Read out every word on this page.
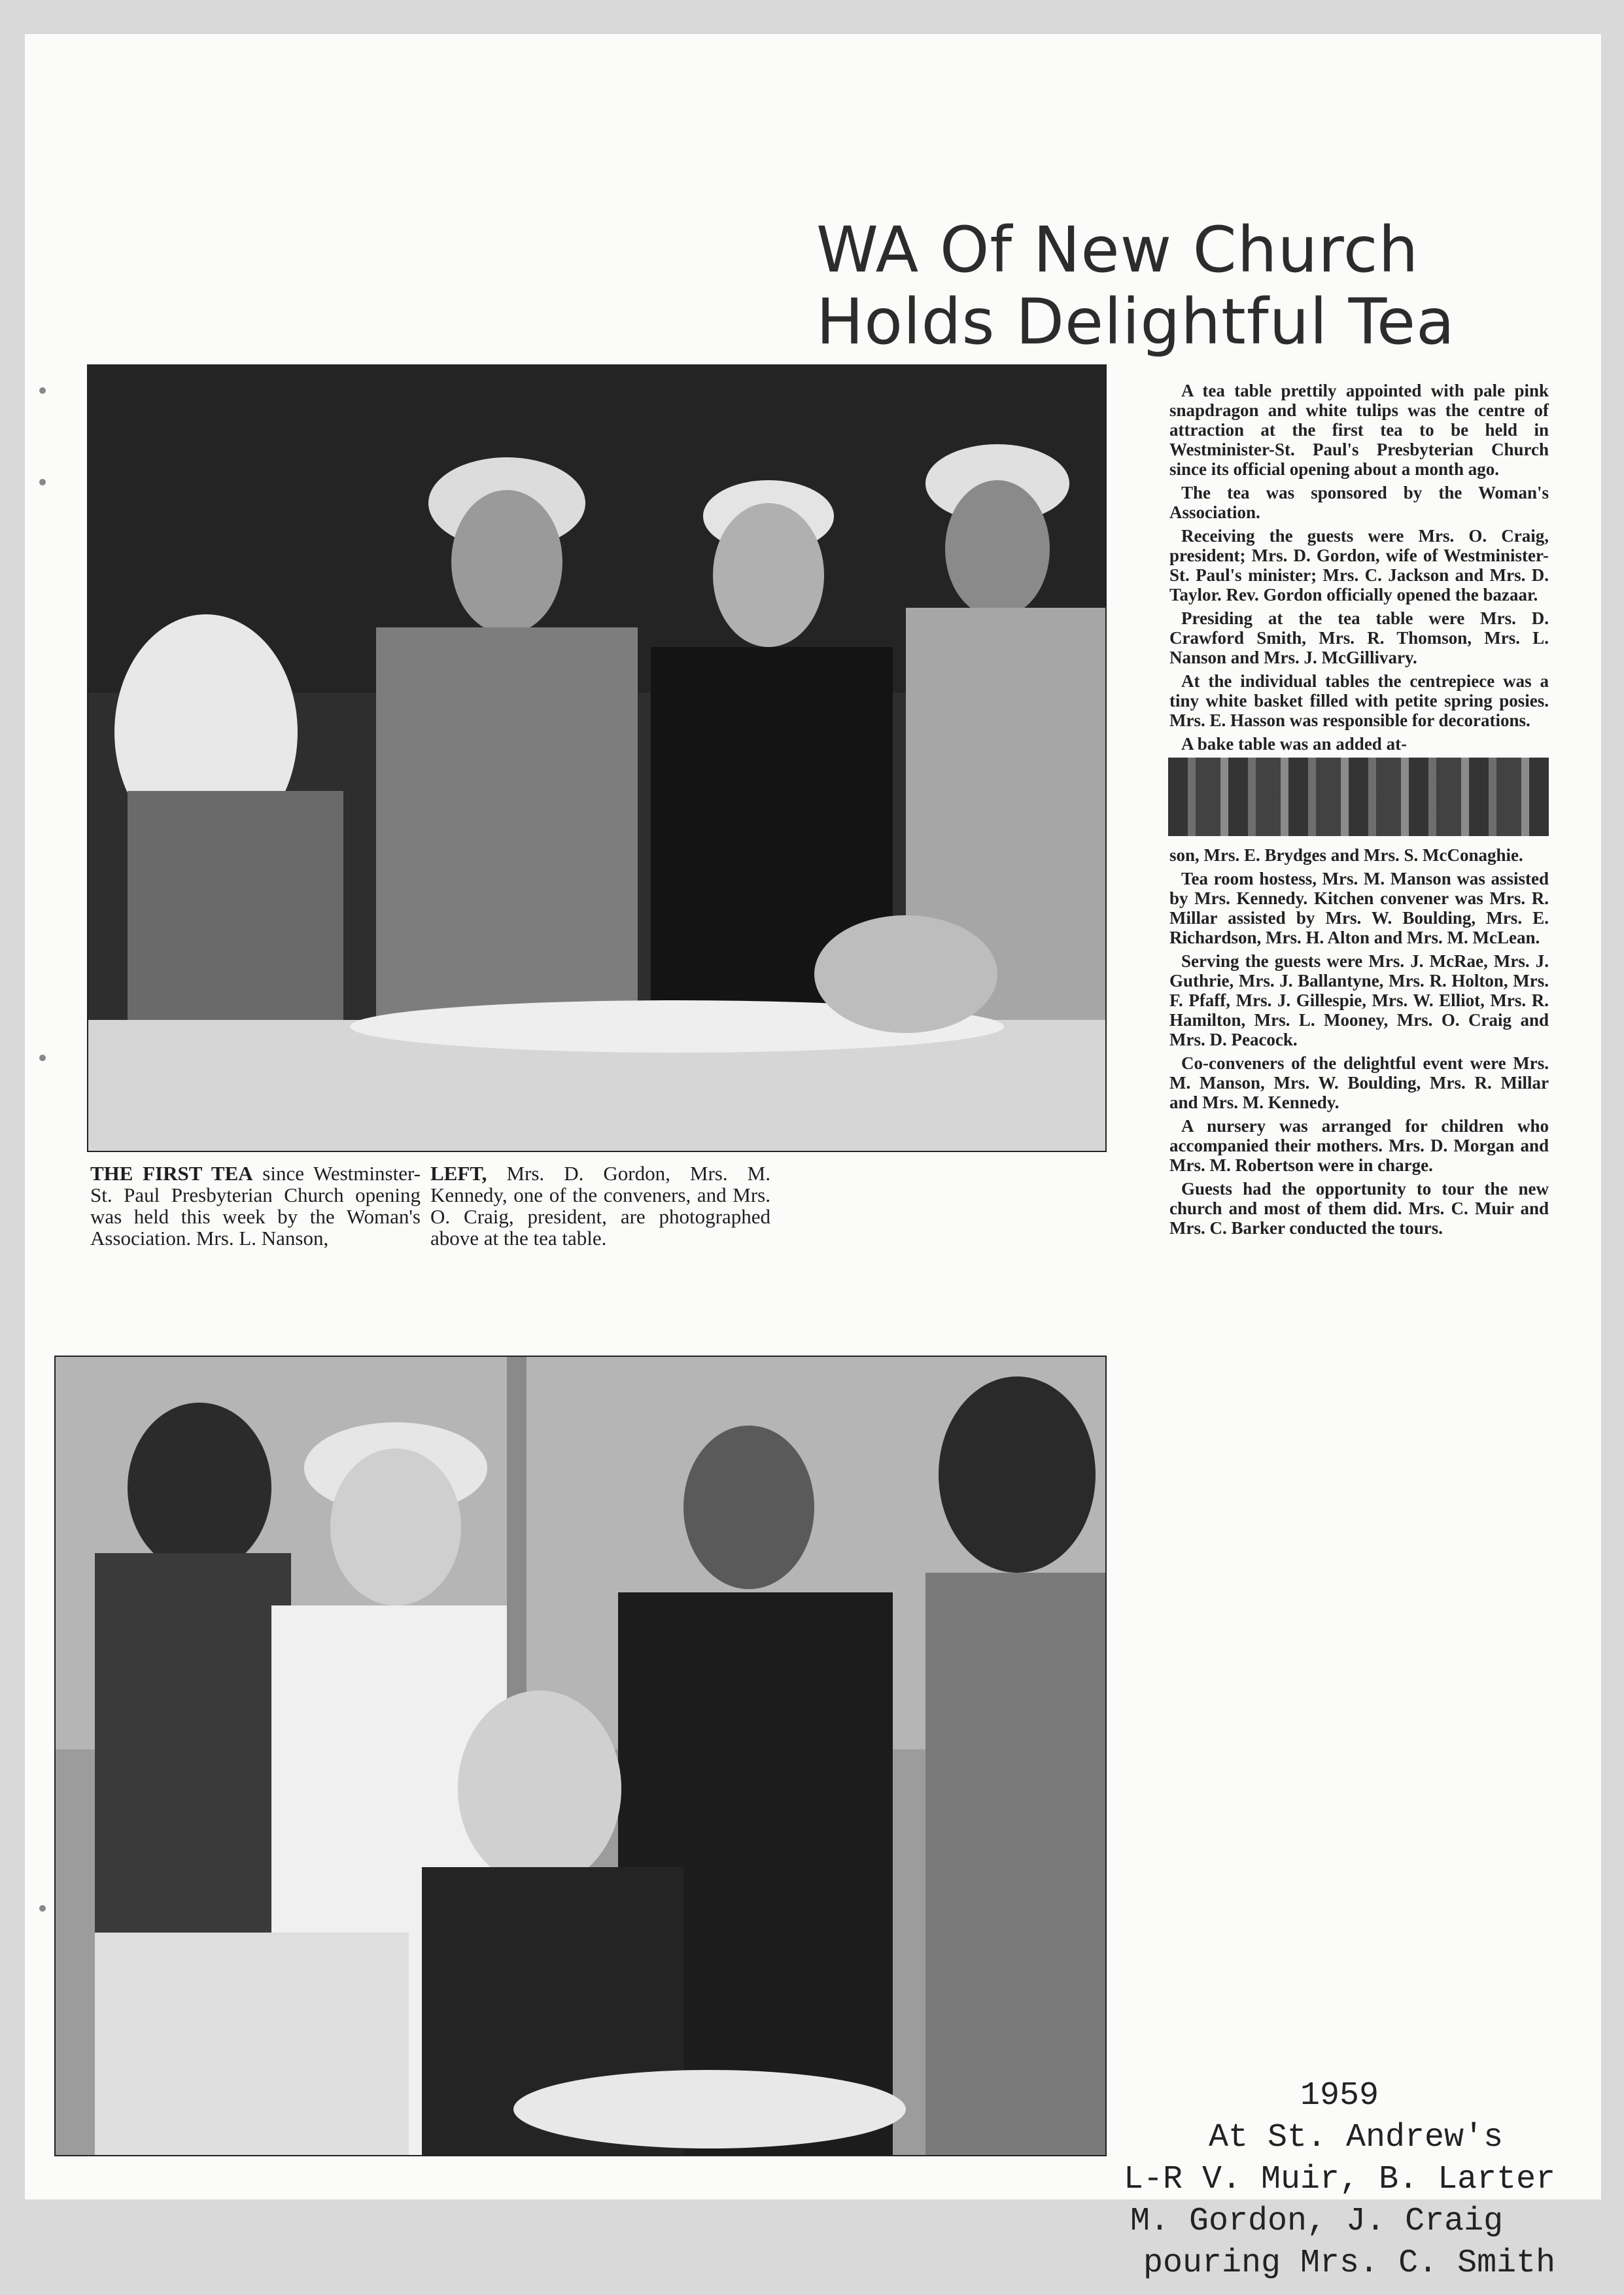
WA Of New Church Holds Delightful Tea
THE FIRST TEA since Westminster-St. Paul Presbyterian Church opening was held this week by the Woman's Association. Mrs. L. Nanson,
LEFT, Mrs. D. Gordon, Mrs. M. Kennedy, one of the conveners, and Mrs. O. Craig, president, are photographed above at the tea table.

A tea table prettily appointed with pale pink snapdragon and white tulips was the centre of attraction at the first tea to be held in Westminister-St. Paul's Presbyterian Church since its official opening about a month ago.

The tea was sponsored by the Woman's Association.

Receiving the guests were Mrs. O. Craig, president; Mrs. D. Gordon, wife of Westminister-St. Paul's minister; Mrs. C. Jackson and Mrs. D. Taylor. Rev. Gordon officially opened the bazaar.

Presiding at the tea table were Mrs. D. Crawford Smith, Mrs. R. Thomson, Mrs. L. Nanson and Mrs. J. McGillivary.

At the individual tables the centrepiece was a tiny white basket filled with petite spring posies. Mrs. E. Hasson was responsible for decorations.

A bake table was an added at-

son, Mrs. E. Brydges and Mrs. S. McConaghie.

Tea room hostess, Mrs. M. Manson was assisted by Mrs. Kennedy. Kitchen convener was Mrs. R. Millar assisted by Mrs. W. Boulding, Mrs. E. Richardson, Mrs. H. Alton and Mrs. M. McLean.

Serving the guests were Mrs. J. McRae, Mrs. J. Guthrie, Mrs. J. Ballantyne, Mrs. R. Holton, Mrs. F. Pfaff, Mrs. J. Gillespie, Mrs. W. Elliot, Mrs. R. Hamilton, Mrs. L. Mooney, Mrs. O. Craig and Mrs. D. Peacock.

Co-conveners of the delightful event were Mrs. M. Manson, Mrs. W. Boulding, Mrs. R. Millar and Mrs. M. Kennedy.

A nursery was arranged for children who accompanied their mothers. Mrs. D. Morgan and Mrs. M. Robertson were in charge.

Guests had the opportunity to tour the new church and most of them did. Mrs. C. Muir and Mrs. C. Barker conducted the tours.

1959
At St. Andrew's
L-R V. Muir, B. Larter
M. Gordon, J. Craig
pouring Mrs. C. Smith
